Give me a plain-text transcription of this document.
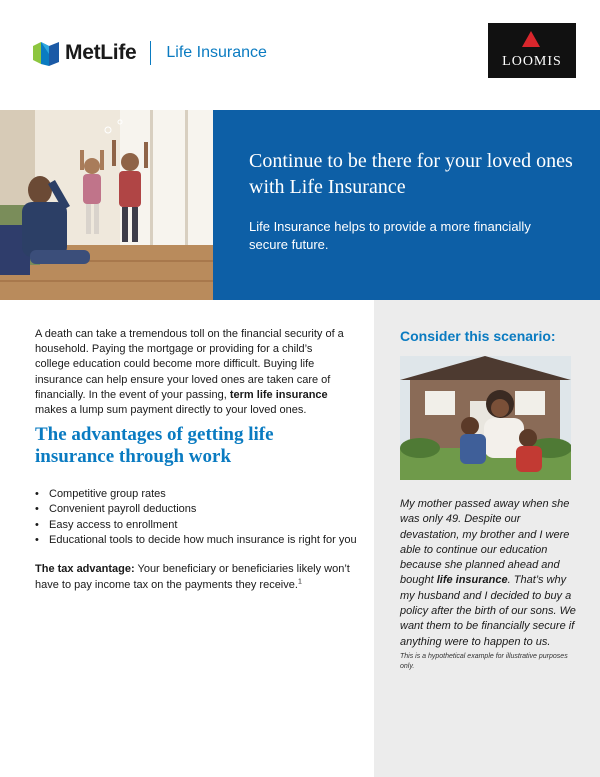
MetLife Life Insurance
LOOMIS
Continue to be there for your loved ones with Life Insurance
Life Insurance helps to provide a more financially secure future.

A death can take a tremendous toll on the financial security of a household. Paying the mortgage or providing for a child’s college education could become more difficult. Buying life insurance can help ensure your loved ones are taken care of financially. In the event of your passing, term life insurance makes a lump sum payment directly to your loved ones.

The advantages of getting life insurance through work
• Competitive group rates
• Convenient payroll deductions
• Easy access to enrollment
• Educational tools to decide how much insurance is right for you

The tax advantage: Your beneficiary or beneficiaries likely won’t have to pay income tax on the payments they receive.$^1$

Consider this scenario:

My mother passed away when she was only 49. Despite our devastation, my brother and I were able to continue our education because she planned ahead and bought life insurance. That’s why my husband and I decided to buy a policy after the birth of our sons. We want them to be financially secure if anything were to happen to us.

This is a hypothetical example for illustrative purposes only.
